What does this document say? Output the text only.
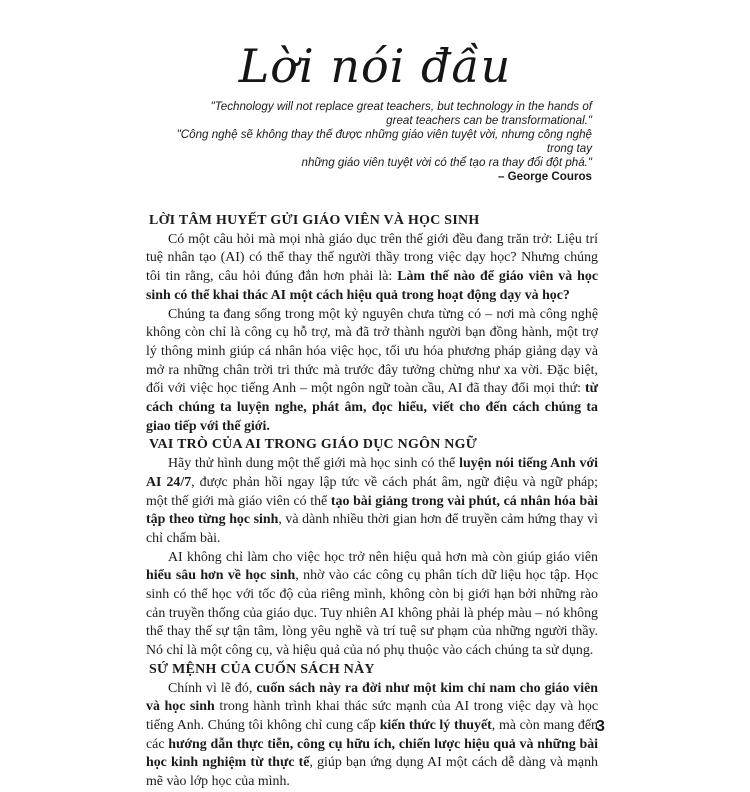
Lời nói đầu

"Technology will not replace great teachers, but technology in the hands of

great teachers can be transformational."

"Công nghệ sẽ không thay thế được những giáo viên tuyệt vời, nhưng công nghệ trong tay

những giáo viên tuyệt vời có thể tạo ra thay đổi đột phá."

– George Couros

LỜI TÂM HUYẾT GỬI GIÁO VIÊN VÀ HỌC SINH

Có một câu hỏi mà mọi nhà giáo dục trên thế giới đều đang trăn trở: Liệu trí tuệ nhân tạo (AI) có thể thay thế người thầy trong việc dạy học? Nhưng chúng tôi tin rằng, câu hỏi đúng đắn hơn phải là: Làm thế nào để giáo viên và học sinh có thể khai thác AI một cách hiệu quả trong hoạt động dạy và học?

Chúng ta đang sống trong một kỷ nguyên chưa từng có – nơi mà công nghệ không còn chỉ là công cụ hỗ trợ, mà đã trở thành người bạn đồng hành, một trợ lý thông minh giúp cá nhân hóa việc học, tối ưu hóa phương pháp giảng dạy và mở ra những chân trời tri thức mà trước đây tưởng chừng như xa vời. Đặc biệt, đối với việc học tiếng Anh – một ngôn ngữ toàn cầu, AI đã thay đổi mọi thứ: từ cách chúng ta luyện nghe, phát âm, đọc hiểu, viết cho đến cách chúng ta giao tiếp với thế giới.

VAI TRÒ CỦA AI TRONG GIÁO DỤC NGÔN NGỮ

Hãy thử hình dung một thế giới mà học sinh có thể luyện nói tiếng Anh với AI 24/7, được phản hồi ngay lập tức về cách phát âm, ngữ điệu và ngữ pháp; một thế giới mà giáo viên có thể tạo bài giảng trong vài phút, cá nhân hóa bài tập theo từng học sinh, và dành nhiều thời gian hơn để truyền cảm hứng thay vì chỉ chấm bài.

AI không chỉ làm cho việc học trở nên hiệu quả hơn mà còn giúp giáo viên hiểu sâu hơn về học sinh, nhờ vào các công cụ phân tích dữ liệu học tập. Học sinh có thể học với tốc độ của riêng mình, không còn bị giới hạn bởi những rào cản truyền thống của giáo dục. Tuy nhiên AI không phải là phép màu – nó không thể thay thế sự tận tâm, lòng yêu nghề và trí tuệ sư phạm của những người thầy. Nó chỉ là một công cụ, và hiệu quả của nó phụ thuộc vào cách chúng ta sử dụng.

SỨ MỆNH CỦA CUỐN SÁCH NÀY

Chính vì lẽ đó, cuốn sách này ra đời như một kim chỉ nam cho giáo viên và học sinh trong hành trình khai thác sức mạnh của AI trong việc dạy và học tiếng Anh. Chúng tôi không chỉ cung cấp kiến thức lý thuyết, mà còn mang đến các hướng dẫn thực tiễn, công cụ hữu ích, chiến lược hiệu quả và những bài học kinh nghiệm từ thực tế, giúp bạn ứng dụng AI một cách dễ dàng và mạnh mẽ vào lớp học của mình.

3
